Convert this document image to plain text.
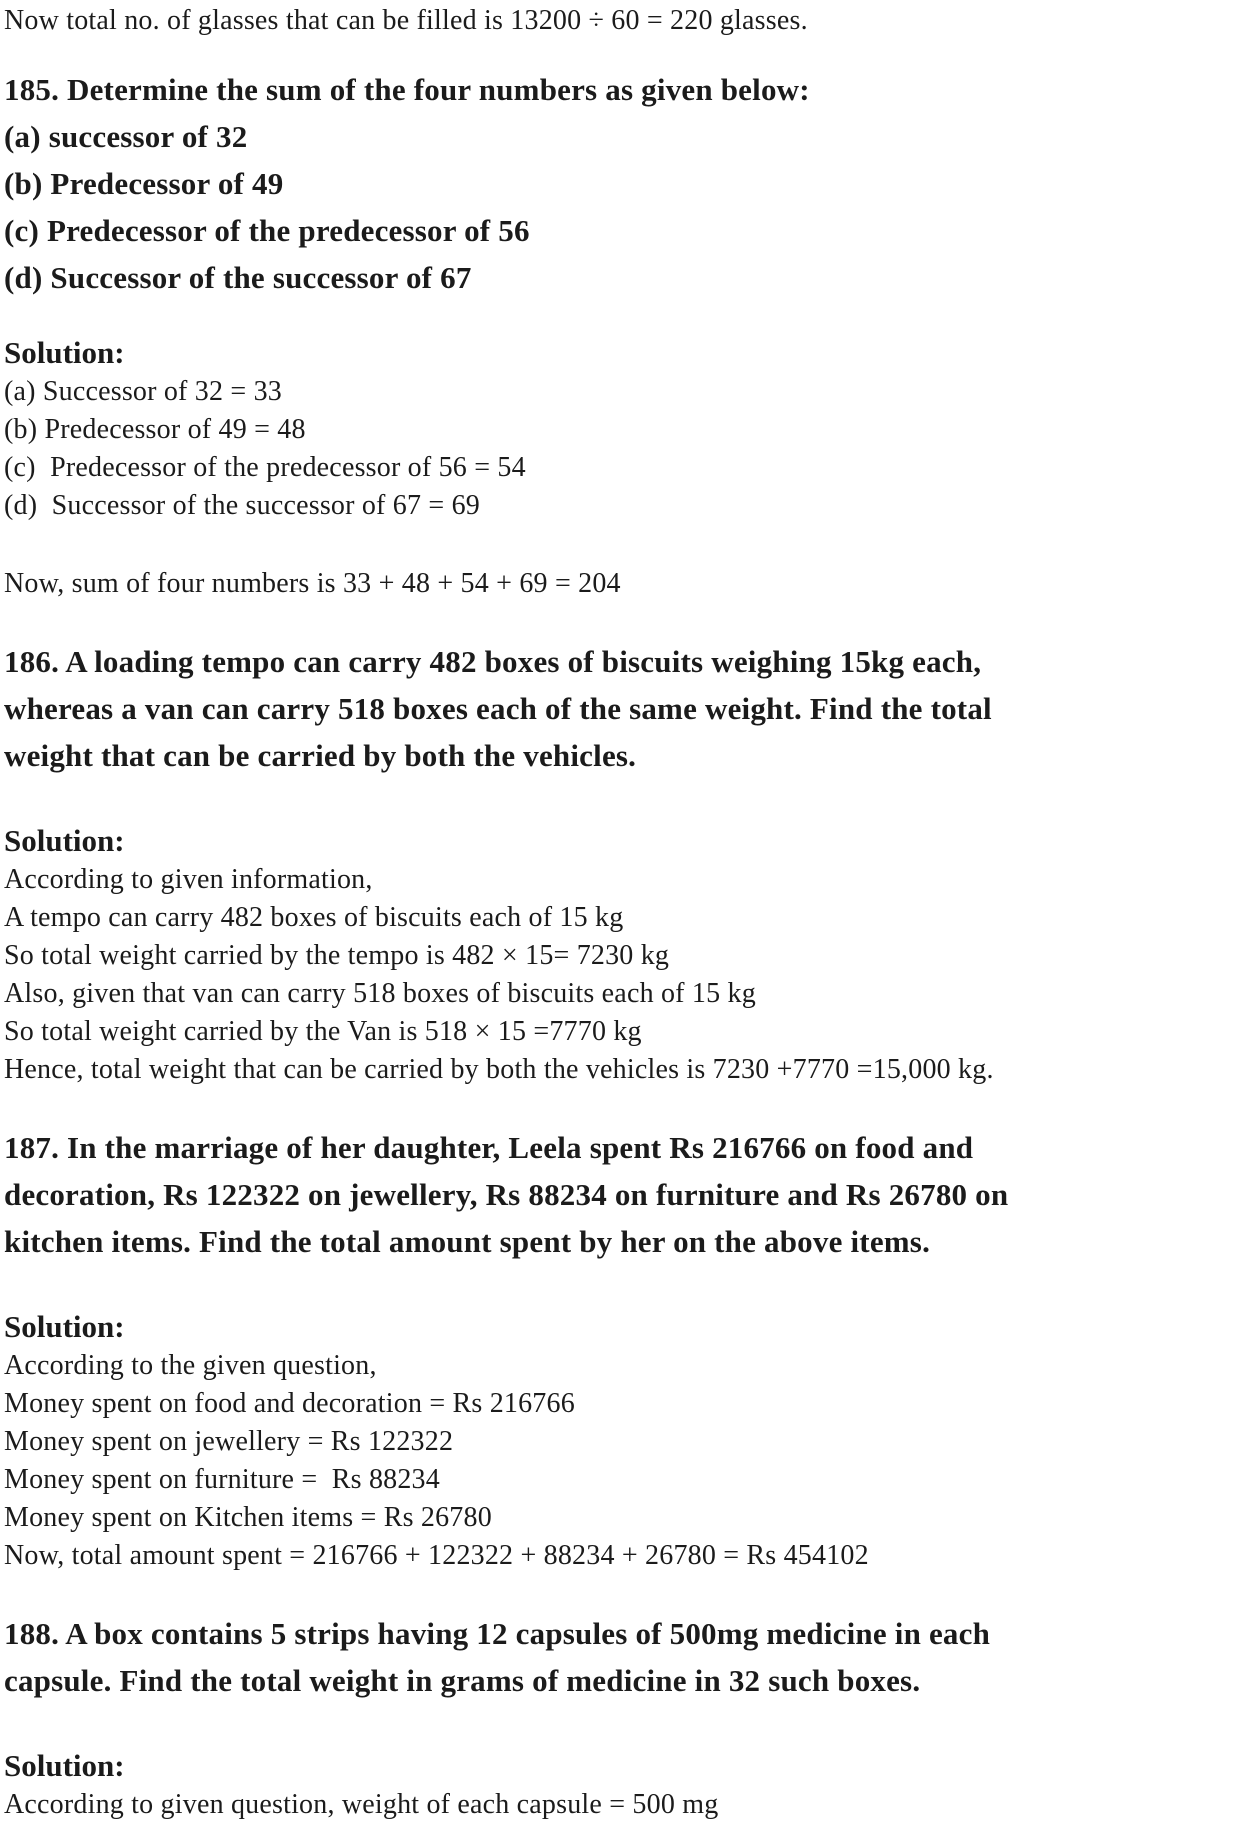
Now total no. of glasses that can be filled is 13200 ÷ 60 = 220 glasses.
185. Determine the sum of the four numbers as given below:
(a) successor of 32
(b) Predecessor of 49
(c) Predecessor of the predecessor of 56
(d) Successor of the successor of 67
Solution:
(a) Successor of 32 = 33
(b) Predecessor of 49 = 48
(c)  Predecessor of the predecessor of 56 = 54
(d)  Successor of the successor of 67 = 69
Now, sum of four numbers is 33 + 48 + 54 + 69 = 204
186. A loading tempo can carry 482 boxes of biscuits weighing 15kg each,
whereas a van can carry 518 boxes each of the same weight. Find the total
weight that can be carried by both the vehicles.
Solution:
According to given information,
A tempo can carry 482 boxes of biscuits each of 15 kg
So total weight carried by the tempo is 482 × 15= 7230 kg
Also, given that van can carry 518 boxes of biscuits each of 15 kg
So total weight carried by the Van is 518 × 15 =7770 kg
Hence, total weight that can be carried by both the vehicles is 7230 +7770 =15,000 kg.
187. In the marriage of her daughter, Leela spent Rs 216766 on food and
decoration, Rs 122322 on jewellery, Rs 88234 on furniture and Rs 26780 on
kitchen items. Find the total amount spent by her on the above items.
Solution:
According to the given question,
Money spent on food and decoration = Rs 216766
Money spent on jewellery = Rs 122322
Money spent on furniture =  Rs 88234
Money spent on Kitchen items = Rs 26780
Now, total amount spent = 216766 + 122322 + 88234 + 26780 = Rs 454102
188. A box contains 5 strips having 12 capsules of 500mg medicine in each
capsule. Find the total weight in grams of medicine in 32 such boxes.
Solution:
According to given question, weight of each capsule = 500 mg
